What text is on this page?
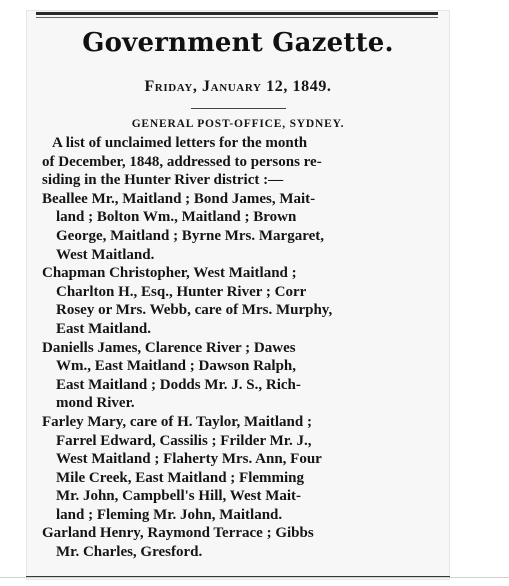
Government Gazette.
Friday, January 12, 1849.
GENERAL POST-OFFICE, SYDNEY.
A list of unclaimed letters for the month
of December, 1848, addressed to persons re-
siding in the Hunter River district :—
Beallee Mr., Maitland ; Bond James, Mait-
land ; Bolton Wm., Maitland ; Brown
George, Maitland ; Byrne Mrs. Margaret,
West Maitland.
Chapman Christopher, West Maitland ;
Charlton H., Esq., Hunter River ; Corr
Rosey or Mrs. Webb, care of Mrs. Murphy,
East Maitland.
Daniells James, Clarence River ; Dawes
Wm., East Maitland ; Dawson Ralph,
East Maitland ; Dodds Mr. J. S., Rich-
mond River.
Farley Mary, care of H. Taylor, Maitland ;
Farrel Edward, Cassilis ; Frilder Mr. J.,
West Maitland ; Flaherty Mrs. Ann, Four
Mile Creek, East Maitland ; Flemming
Mr. John, Campbell's Hill, West Mait-
land ; Fleming Mr. John, Maitland.
Garland Henry, Raymond Terrace ; Gibbs
Mr. Charles, Gresford.
